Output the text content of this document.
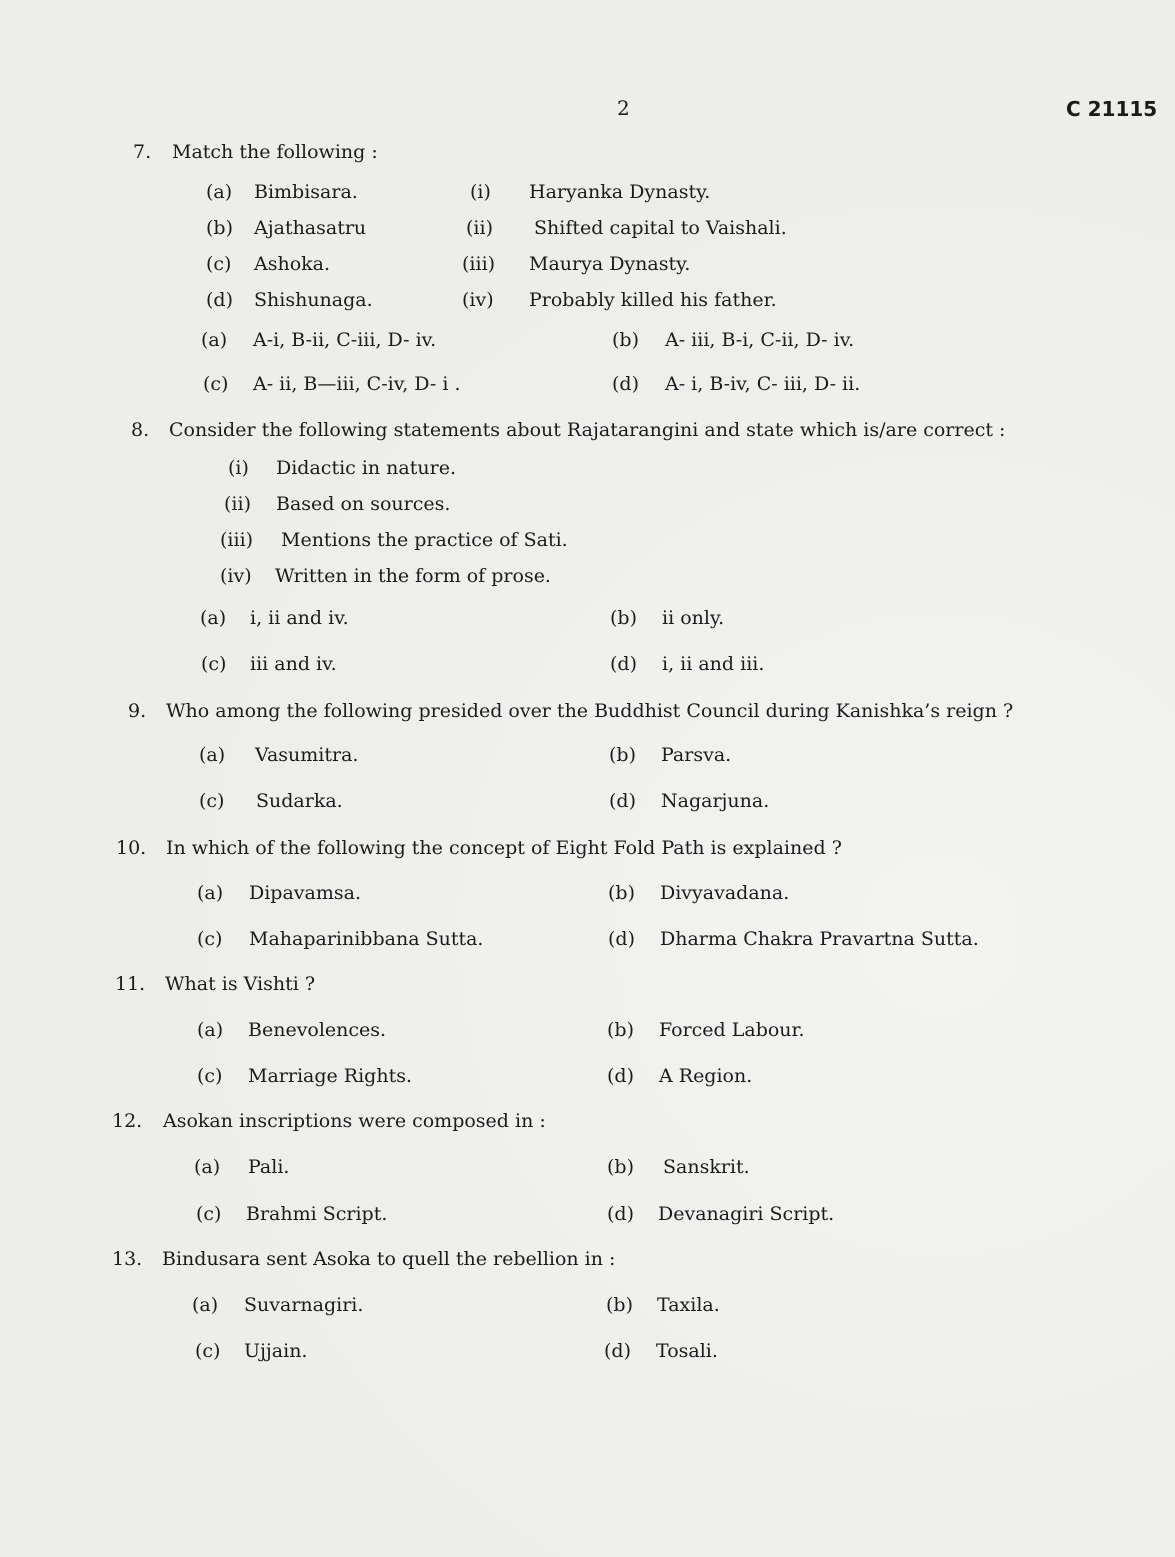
2	C 21115
7. Match the following :
(a) Bimbisara.	(i) Haryanka Dynasty.
(b) Ajathasatru	(ii) Shifted capital to Vaishali.
(c) Ashoka.	(iii) Maurya Dynasty.
(d) Shishunaga.	(iv) Probably killed his father.
(a) A-i, B-ii, C-iii, D- iv.	(b) A- iii, B-i, C-ii, D- iv.
(c) A- ii, B—iii, C-iv, D- i .	(d) A- i, B-iv, C- iii, D- ii.
8. Consider the following statements about Rajatarangini and state which is/are correct :
(i) Didactic in nature.
(ii) Based on sources.
(iii) Mentions the practice of Sati.
(iv) Written in the form of prose.
(a) i, ii and iv.	(b) ii only.
(c) iii and iv.	(d) i, ii and iii.
9. Who among the following presided over the Buddhist Council during Kanishka’s reign ?
(a) Vasumitra.	(b) Parsva.
(c) Sudarka.	(d) Nagarjuna.
10. In which of the following the concept of Eight Fold Path is explained ?
(a) Dipavamsa.	(b) Divyavadana.
(c) Mahaparinibbana Sutta.	(d) Dharma Chakra Pravartna Sutta.
11. What is Vishti ?
(a) Benevolences.	(b) Forced Labour.
(c) Marriage Rights.	(d) A Region.
12. Asokan inscriptions were composed in :
(a) Pali.	(b) Sanskrit.
(c) Brahmi Script.	(d) Devanagiri Script.
13. Bindusara sent Asoka to quell the rebellion in :
(a) Suvarnagiri.	(b) Taxila.
(c) Ujjain.	(d) Tosali.
